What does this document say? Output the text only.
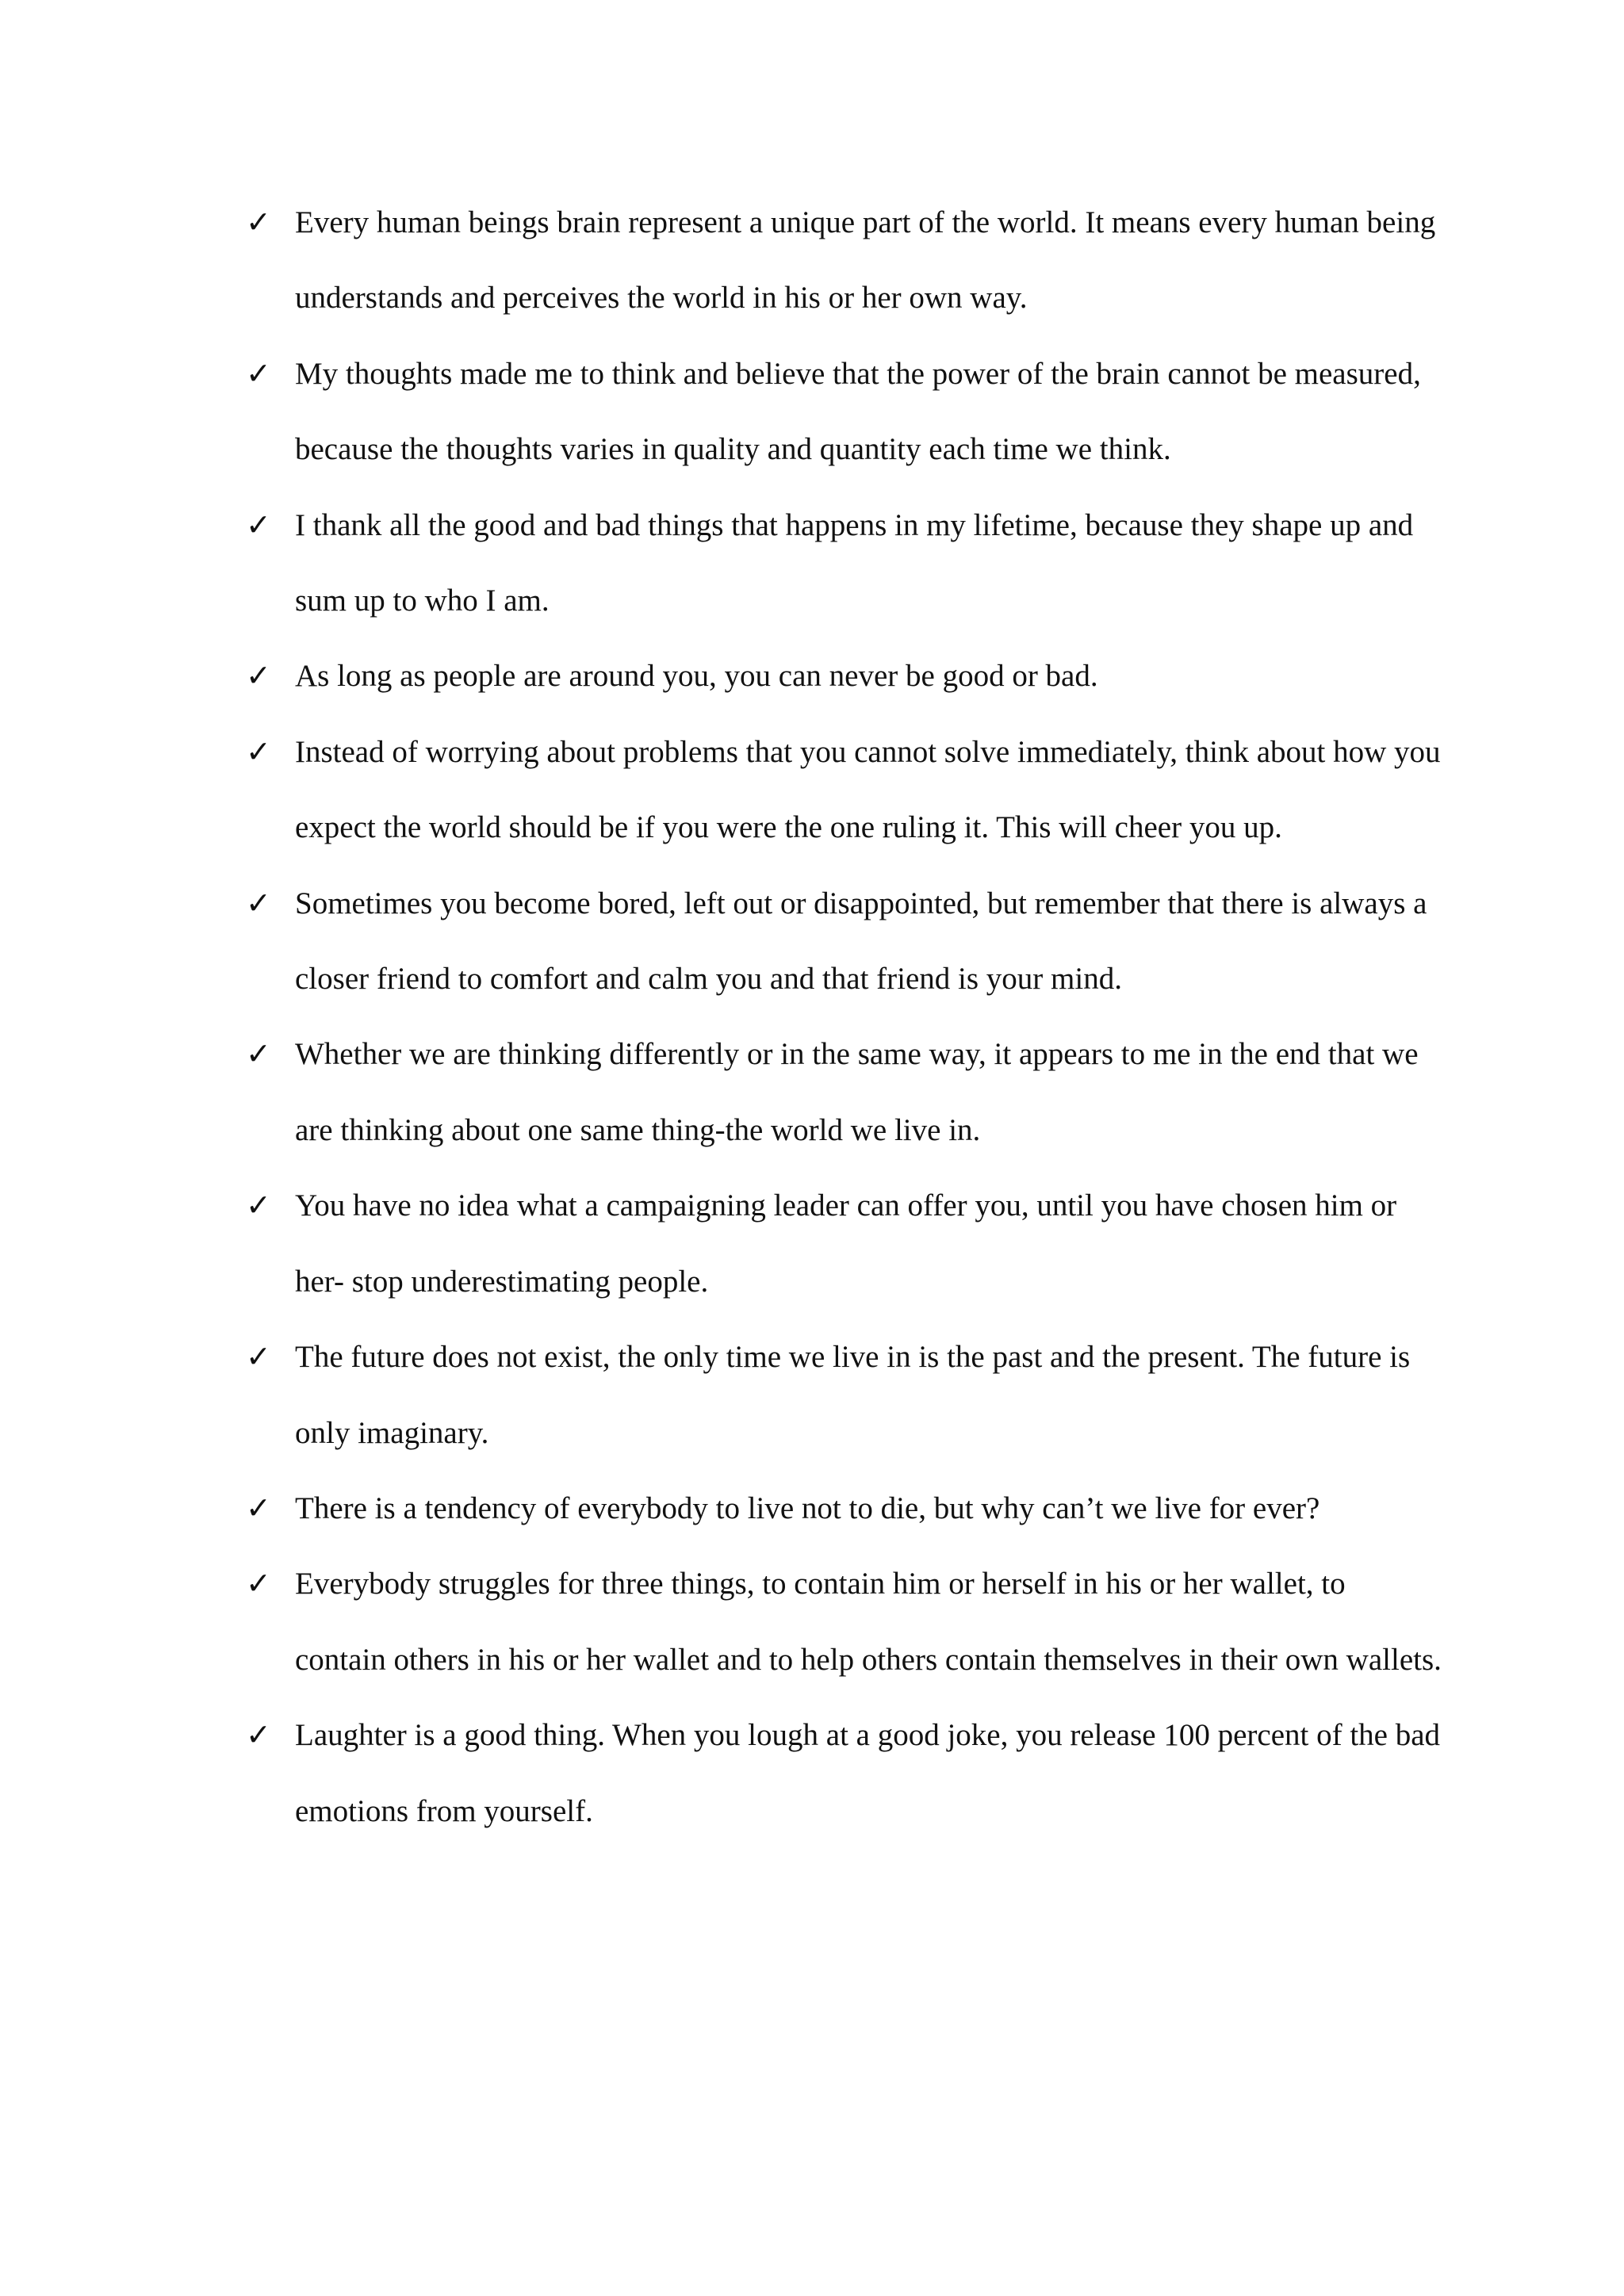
✓ Every human beings brain represent a unique part of the world. It means every human being understands and perceives the world in his or her own way.
✓ My thoughts made me to think and believe that the power of the brain cannot be measured, because the thoughts varies in quality and quantity each time we think.
✓ I thank all the good and bad things that happens in my lifetime, because they shape up and sum up to who I am.
✓ As long as people are around you, you can never be good or bad.
✓ Instead of worrying about problems that you cannot solve immediately, think about how you expect the world should be if you were the one ruling it. This will cheer you up.
✓ Sometimes you become bored, left out or disappointed, but remember that there is always a closer friend to comfort and calm you and that friend is your mind.
✓ Whether we are thinking differently or in the same way, it appears to me in the end that we are thinking about one same thing-the world we live in.
✓ You have no idea what a campaigning leader can offer you, until you have chosen him or her- stop underestimating people.
✓ The future does not exist, the only time we live in is the past and the present. The future is only imaginary.
✓ There is a tendency of everybody to live not to die, but why can’t we live for ever?
✓ Everybody struggles for three things, to contain him or herself in his or her wallet, to contain others in his or her wallet and to help others contain themselves in their own wallets.
✓ Laughter is a good thing. When you lough at a good joke, you release 100 percent of the bad emotions from yourself.
